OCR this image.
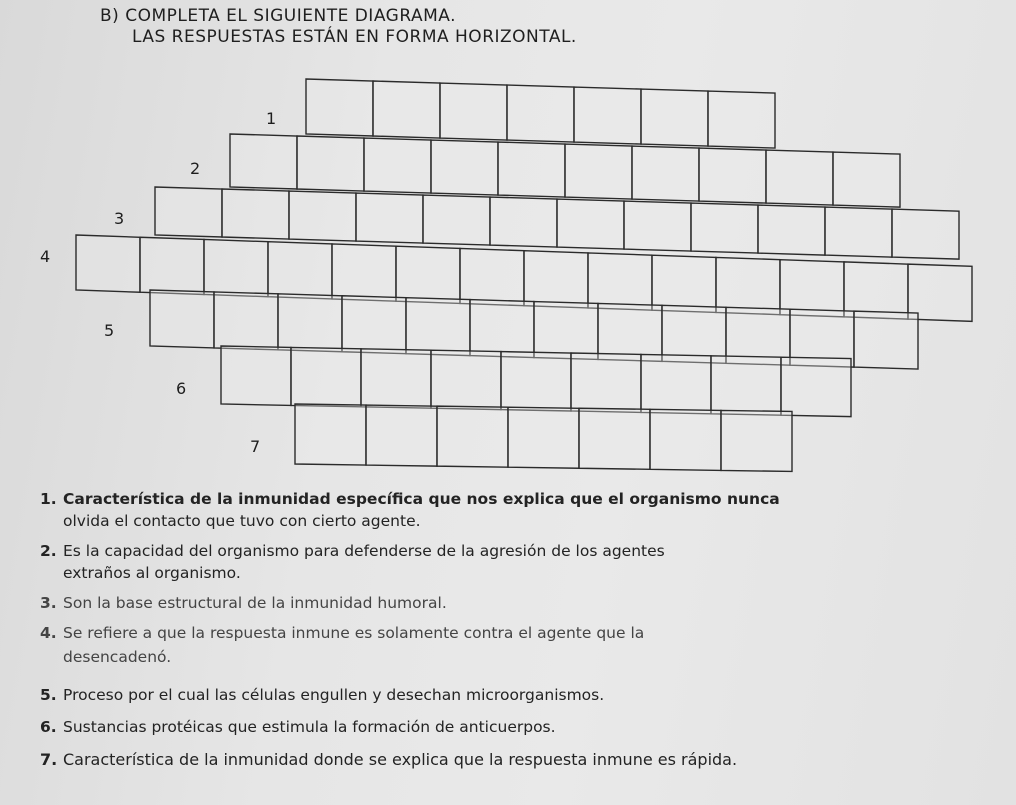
B) COMPLETA EL SIGUIENTE DIAGRAMA.
LAS RESPUESTAS ESTÁN EN FORMA HORIZONTAL.
1
2
3
4
5
6
7
1. Característica de la inmunidad específica que nos explica que el organismo nunca
olvida el contacto que tuvo con cierto agente.
2. Es la capacidad del organismo para defenderse de la agresión de los agentes
extraños al organismo.
3. Son la base estructural de la inmunidad humoral.
4. Se refiere a que la respuesta inmune es solamente contra el agente que la
desencadenó.
5. Proceso por el cual las células engullen y desechan microorganismos.
6. Sustancias protéicas que estimula la formación de anticuerpos.
7. Característica de la inmunidad donde se explica que la respuesta inmune es rápida.
